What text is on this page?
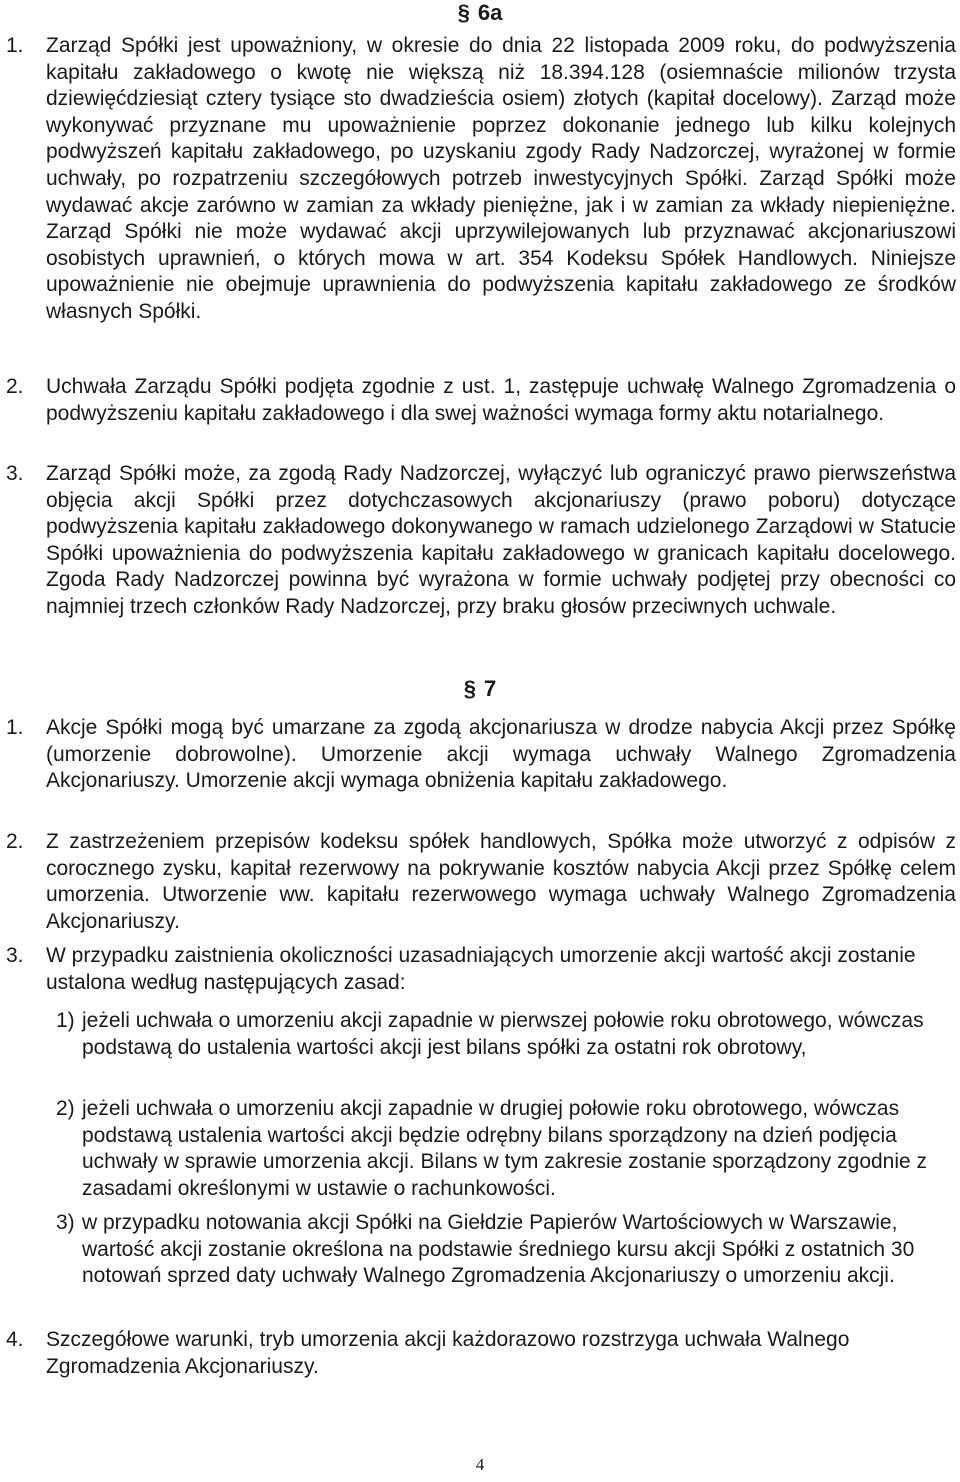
§ 6a
1. Zarząd Spółki jest upoważniony, w okresie do dnia 22 listopada 2009 roku, do podwyższenia kapitału zakładowego o kwotę nie większą niż 18.394.128 (osiemnaście milionów trzysta dziewięćdziesiąt cztery tysiące sto dwadzieścia osiem) złotych (kapitał docelowy). Zarząd może wykonywać przyznane mu upoważnienie poprzez dokonanie jednego lub kilku kolejnych podwyższeń kapitału zakładowego, po uzyskaniu zgody Rady Nadzorczej, wyrażonej w formie uchwały, po rozpatrzeniu szczegółowych potrzeb inwestycyjnych Spółki. Zarząd Spółki może wydawać akcje zarówno w zamian za wkłady pieniężne, jak i w zamian za wkłady niepieniężne. Zarząd Spółki nie może wydawać akcji uprzywilejowanych lub przyznawać akcjonariuszowi osobistych uprawnień, o których mowa w art. 354 Kodeksu Spółek Handlowych. Niniejsze upoważnienie nie obejmuje uprawnienia do podwyższenia kapitału zakładowego ze środków własnych Spółki.
2. Uchwała Zarządu Spółki podjęta zgodnie z ust. 1, zastępuje uchwałę Walnego Zgromadzenia o podwyższeniu kapitału zakładowego i dla swej ważności wymaga formy aktu notarialnego.
3. Zarząd Spółki może, za zgodą Rady Nadzorczej, wyłączyć lub ograniczyć prawo pierwszeństwa objęcia akcji Spółki przez dotychczasowych akcjonariuszy (prawo poboru) dotyczące podwyższenia kapitału zakładowego dokonywanego w ramach udzielonego Zarządowi w Statucie Spółki upoważnienia do podwyższenia kapitału zakładowego w granicach kapitału docelowego. Zgoda Rady Nadzorczej powinna być wyrażona w formie uchwały podjętej przy obecności co najmniej trzech członków Rady Nadzorczej, przy braku głosów przeciwnych uchwale.
§ 7
1. Akcje Spółki mogą być umarzane za zgodą akcjonariusza w drodze nabycia Akcji przez Spółkę (umorzenie dobrowolne). Umorzenie akcji wymaga uchwały Walnego Zgromadzenia Akcjonariuszy. Umorzenie akcji wymaga obniżenia kapitału zakładowego.
2. Z zastrzeżeniem przepisów kodeksu spółek handlowych, Spółka może utworzyć z odpisów z corocznego zysku, kapitał rezerwowy na pokrywanie kosztów nabycia Akcji przez Spółkę celem umorzenia. Utworzenie ww. kapitału rezerwowego wymaga uchwały Walnego Zgromadzenia Akcjonariuszy.
3. W przypadku zaistnienia okoliczności uzasadniających umorzenie akcji wartość akcji zostanie ustalona według następujących zasad:
1) jeżeli uchwała o umorzeniu akcji zapadnie w pierwszej połowie roku obrotowego, wówczas podstawą do ustalenia wartości akcji jest bilans spółki za ostatni rok obrotowy,
2) jeżeli uchwała o umorzeniu akcji zapadnie w drugiej połowie roku obrotowego, wówczas podstawą ustalenia wartości akcji będzie odrębny bilans sporządzony na dzień podjęcia uchwały w sprawie umorzenia akcji. Bilans w tym zakresie zostanie sporządzony zgodnie z zasadami określonymi w ustawie o rachunkowości.
3) w przypadku notowania akcji Spółki na Giełdzie Papierów Wartościowych w Warszawie, wartość akcji zostanie określona na podstawie średniego kursu akcji Spółki z ostatnich 30 notowań sprzed daty uchwały Walnego Zgromadzenia Akcjonariuszy o umorzeniu akcji.
4. Szczegółowe warunki, tryb umorzenia akcji każdorazowo rozstrzyga uchwała Walnego Zgromadzenia Akcjonariuszy.
4
